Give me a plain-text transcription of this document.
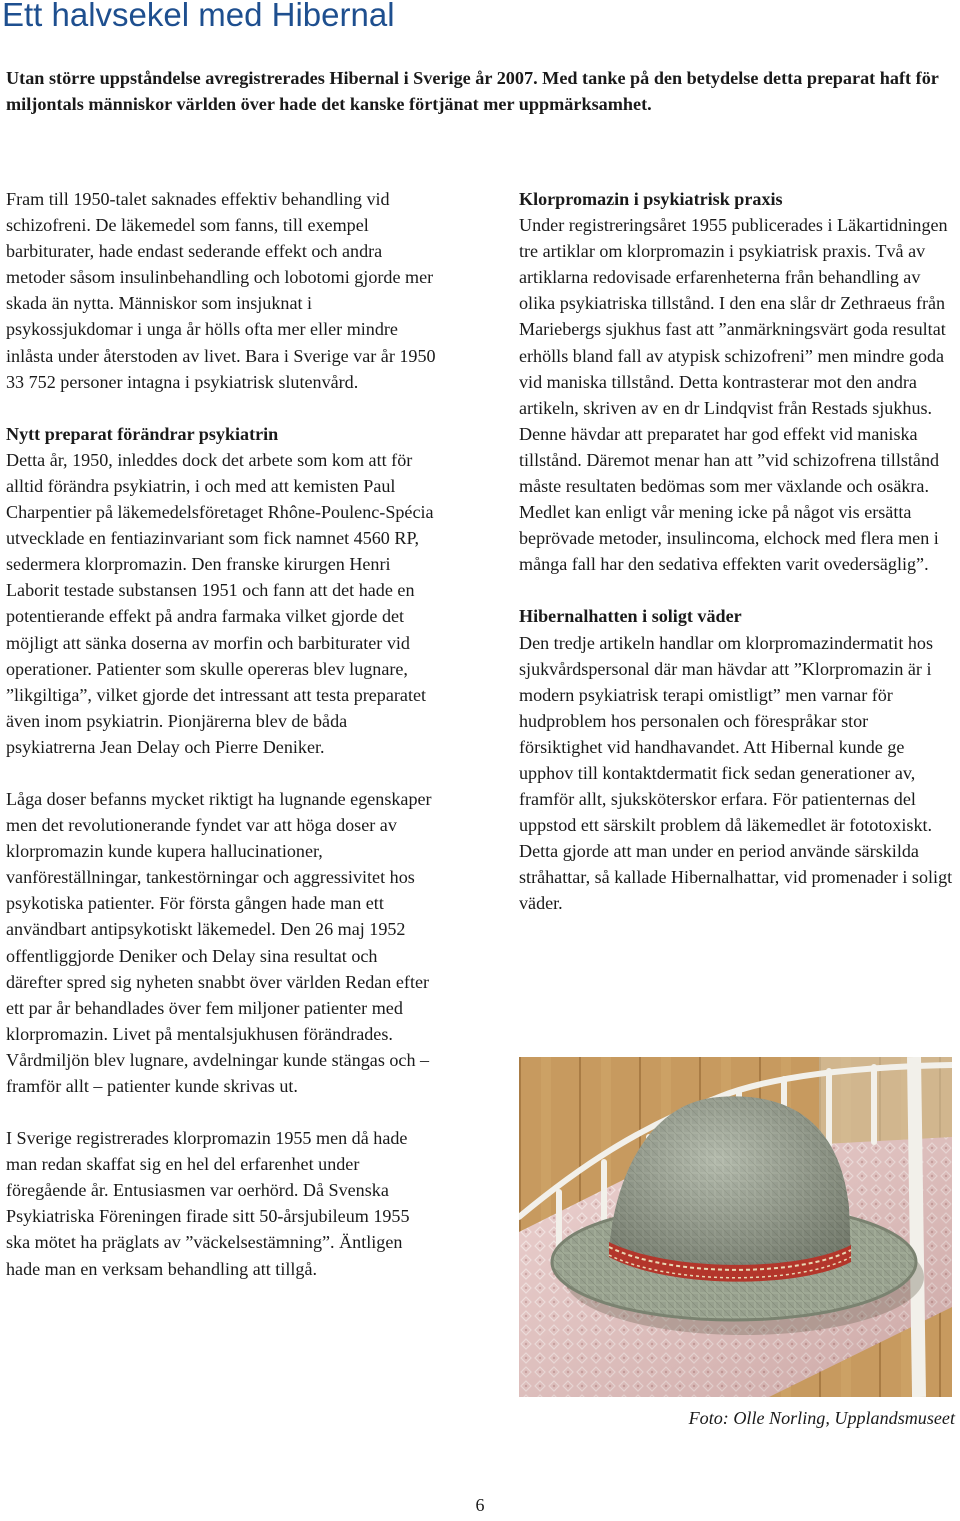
Ett halvsekel med Hibernal

Utan större uppståndelse avregistrerades Hibernal i Sverige år 2007. Med tanke på den betydelse detta preparat haft för miljontals människor världen över hade det kanske förtjänat mer uppmärksamhet.

Fram till 1950-talet saknades effektiv behandling vid schizofreni. De läkemedel som fanns, till exempel barbiturater, hade endast sederande effekt och andra metoder såsom insulinbehandling och lobotomi gjorde mer skada än nytta. Människor som insjuknat i psykossjukdomar i unga år hölls ofta mer eller mindre inlåsta under återstoden av livet. Bara i Sverige var år 1950 33 752 personer intagna i psykiatrisk slutenvård.

Nytt preparat förändrar psykiatrin

Detta år, 1950, inleddes dock det arbete som kom att för alltid förändra psykiatrin, i och med att kemisten Paul Charpentier på läkemedelsföretaget Rhône-Poulenc-Spécia utvecklade en fentiazinvariant som fick namnet 4560 RP, sedermera klorpromazin. Den franske kirurgen Henri Laborit testade substansen 1951 och fann att det hade en potentierande effekt på andra farmaka vilket gjorde det möjligt att sänka doserna av morfin och barbiturater vid operationer. Patienter som skulle opereras blev lugnare, ”likgiltiga”, vilket gjorde det intressant att testa preparatet även inom psykiatrin. Pionjärerna blev de båda psykiatrerna Jean Delay och Pierre Deniker.

Låga doser befanns mycket riktigt ha lugnande egenskaper men det revolutionerande fyndet var att höga doser av klorpromazin kunde kupera hallucinationer, vanföreställningar, tankestörningar och aggressivitet hos psykotiska patienter. För första gången hade man ett användbart antipsykotiskt läkemedel. Den 26 maj 1952 offentliggjorde Deniker och Delay sina resultat och därefter spred sig nyheten snabbt över världen Redan efter ett par år behandlades över fem miljoner patienter med klorpromazin. Livet på mentalsjukhusen förändrades. Vårdmiljön blev lugnare, avdelningar kunde stängas och – framför allt – patienter kunde skrivas ut.

I Sverige registrerades klorpromazin 1955 men då hade man redan skaffat sig en hel del erfarenhet under föregående år. Entusiasmen var oerhörd. Då Svenska Psykiatriska Föreningen firade sitt 50-årsjubileum 1955 ska mötet ha präglats av ”väckelsestämning”. Äntligen hade man en verksam behandling att tillgå.

Klorpromazin i psykiatrisk praxis

Under registreringsåret 1955 publicerades i Läkartidningen tre artiklar om klorpromazin i psykiatrisk praxis. Två av artiklarna redovisade erfarenheterna från behandling av olika psykiatriska tillstånd. I den ena slår dr Zethraeus från Mariebergs sjukhus fast att ”anmärkningsvärt goda resultat erhölls bland fall av atypisk schizofreni” men mindre goda vid maniska tillstånd. Detta kontrasterar mot den andra artikeln, skriven av en dr Lindqvist från Restads sjukhus. Denne hävdar att preparatet har god effekt vid maniska tillstånd. Däremot menar han att ”vid schizofrena tillstånd måste resultaten bedömas som mer växlande och osäkra. Medlet kan enligt vår mening icke på något vis ersätta beprövade metoder, insulincoma, elchock med flera men i många fall har den sedativa effekten varit ovedersäglig”.

Hibernalhatten i soligt väder

Den tredje artikeln handlar om klorpromazindermatit hos sjukvårdspersonal där man hävdar att ”Klorpromazin är i modern psykiatrisk terapi omistligt” men varnar för hudproblem hos personalen och förespråkar stor försiktighet vid handhavandet. Att Hibernal kunde ge upphov till kontaktdermatit fick sedan generationer av, framför allt, sjuksköterskor erfara. För patienternas del uppstod ett särskilt problem då läkemedlet är fototoxiskt. Detta gjorde att man under en period använde särskilda stråhattar, så kallade Hibernalhattar, vid promenader i soligt väder.

Foto: Olle Norling, Upplandsmuseet
6
